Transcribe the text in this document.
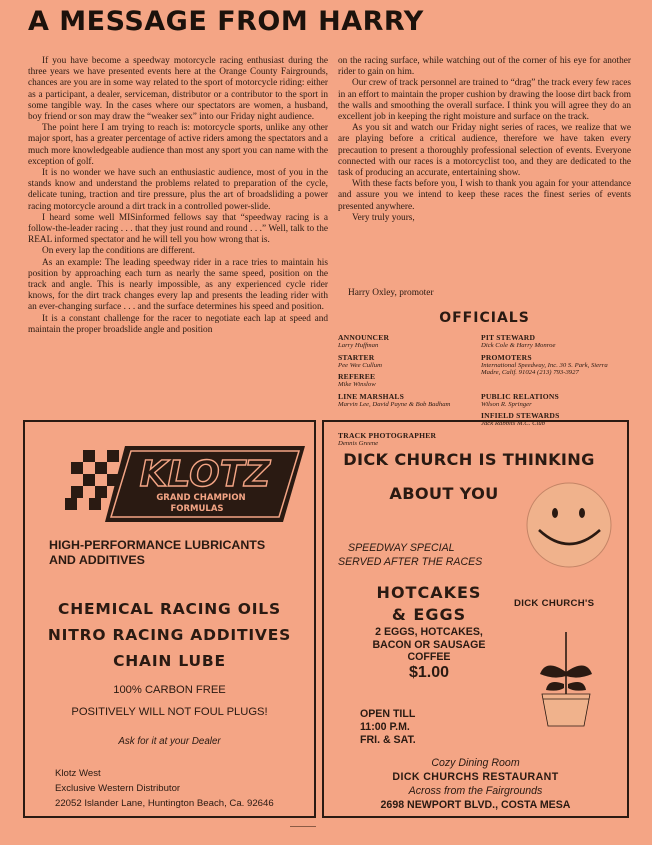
A MESSAGE FROM HARRY

If you have become a speedway motorcycle racing enthusiast during the three years we have presented events here at the Orange County Fairgrounds, chances are you are in some way related to the sport of motorcycle riding: either as a participant, a dealer, serviceman, distributor or a contributor to the sport in some tangible way. In the cases where our spectators are women, a husband, boy friend or son may draw the “weaker sex” into our Friday night audience.

The point here I am trying to reach is: motorcycle sports, unlike any other major sport, has a greater percentage of active riders among the spectators and a much more knowledgeable audience than most any sport you can name with the exception of golf.

It is no wonder we have such an enthusiastic audience, most of you in the stands know and understand the problems related to preparation of the cycle, delicate tuning, traction and tire pressure, plus the art of broadsliding a power racing motorcycle around a dirt track in a controlled power-slide.

I heard some well MISinformed fellows say that “speedway racing is a follow-the-leader racing . . . that they just round and round . . .” Well, talk to the REAL informed spectator and he will tell you how wrong that is.

On every lap the conditions are different.

As an example: The leading speedway rider in a race tries to maintain his position by approaching each turn as nearly the same speed, position on the track and angle. This is nearly impossible, as any experienced cycle rider knows, for the dirt track changes every lap and presents the leading rider with an ever-changing surface . . . and the surface determines his speed and position.

It is a constant challenge for the racer to negotiate each lap at speed and maintain the proper broadslide angle and position

on the racing surface, while watching out of the corner of his eye for another rider to gain on him.

Our crew of track personnel are trained to “drag” the track every few races in an effort to maintain the proper cushion by drawing the loose dirt back from the walls and smoothing the overall surface. I think you will agree they do an excellent job in keeping the right moisture and surface on the track.

As you sit and watch our Friday night series of races, we realize that we are playing before a critical audience, therefore we have taken every precaution to present a thoroughly professional selection of events. Everyone connected with our races is a motorcyclist too, and they are dedicated to the task of producing an accurate, entertaining show.

With these facts before you, I wish to thank you again for your attendance and assure you we intend to keep these races the finest series of events presented anywhere.

Very truly yours,

Harry Oxley, promoter
OFFICIALS
ANNOUNCER
Larry Huffman
PIT STEWARD
Dick Cole & Harry Monroe
STARTER
Pee Wee Cullum
PROMOTERS
International Speedway, Inc. 30 S. Park, Sierra Madre, Calif. 91024 (213) 793-3927
REFEREE
Mike Winslow
LINE MARSHALS
Marvin Lee, David Payne & Bob Badham
PUBLIC RELATIONS
Wilson R. Springer
INFIELD STEWARDS
Jack Rabbits M.C. Club
TRACK PHOTOGRAPHER
Dennis Greene
KLOTZ
GRAND CHAMPION
FORMULAS
HIGH-PERFORMANCE LUBRICANTS
AND ADDITIVES
CHEMICAL RACING OILS
NITRO RACING ADDITIVES
CHAIN LUBE
100% CARBON FREE
POSITIVELY WILL NOT FOUL PLUGS!
Ask for it at your Dealer
Klotz West
Exclusive Western Distributor
22052 Islander Lane, Huntington Beach, Ca. 92646
DICK CHURCH IS THINKING
ABOUT YOU
SPEEDWAY SPECIAL
SERVED AFTER THE RACES
HOTCAKES
& EGGS
2 EGGS, HOTCAKES,
BACON OR SAUSAGE
COFFEE
$1.00
DICK CHURCH'S
OPEN TILL
11:00 P.M.
FRI. & SAT.
Cozy Dining Room
DICK CHURCHS RESTAURANT
Across from the Fairgrounds
2698 NEWPORT BLVD., COSTA MESA
